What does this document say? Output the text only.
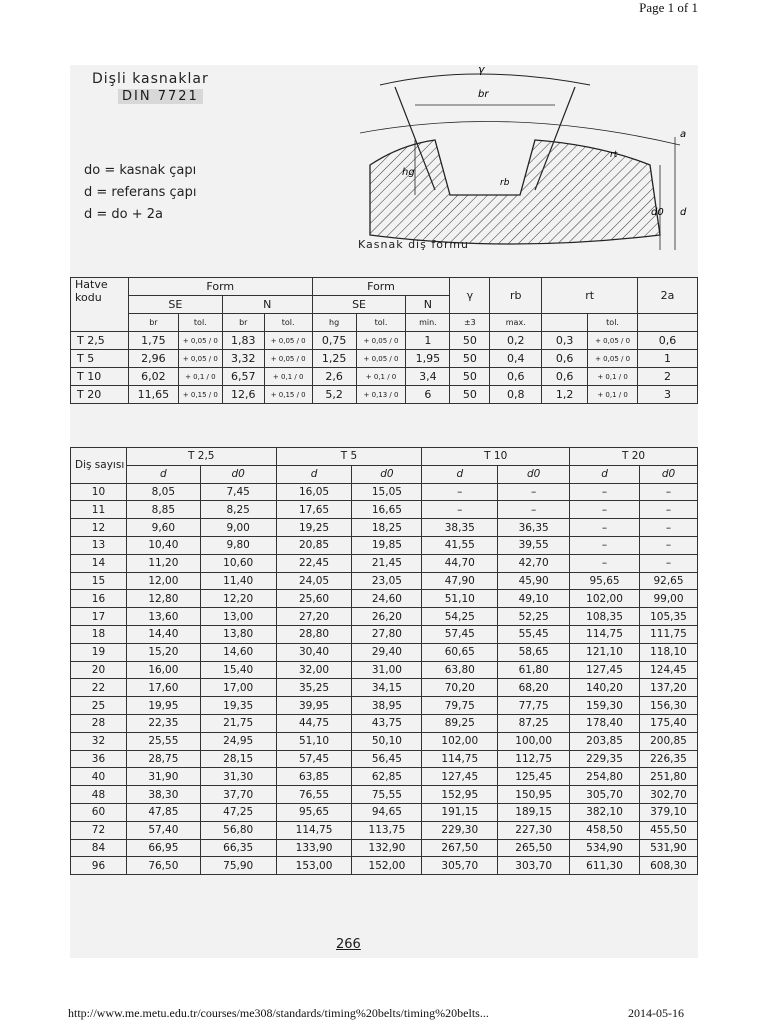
Page 1 of 1
Dişli kasnaklar
DIN 7721
do = kasnak çapı
d = referans çapı
d = do + 2a
γ
br
a
hg
rt
rb
d0 d
Kasnak diş formu
Hatve kodu	Form				Form			γ	rb	rt		2a
	SE		N		SE		N					
	br	tol.	br	tol.	hg	tol.	min.	±3	max.		tol.	
T 2,5	1,75	+ 0,05 / 0	1,83	+ 0,05 / 0	0,75	+ 0,05 / 0	1	50	0,2	0,3	+ 0,05 / 0	0,6
T 5	2,96	+ 0,05 / 0	3,32	+ 0,05 / 0	1,25	+ 0,05 / 0	1,95	50	0,4	0,6	+ 0,05 / 0	1
T 10	6,02	+ 0,1 / 0	6,57	+ 0,1 / 0	2,6	+ 0,1 / 0	3,4	50	0,6	0,6	+ 0,1 / 0	2
T 20	11,65	+ 0,15 / 0	12,6	+ 0,15 / 0	5,2	+ 0,13 / 0	6	50	0,8	1,2	+ 0,1 / 0	3
Diş sayısı	T 2,5		T 5		T 10		T 20	
	d	d0	d	d0	d	d0	d	d0
10	8,05	7,45	16,05	15,05	–	–	–	–
11	8,85	8,25	17,65	16,65	–	–	–	–
12	9,60	9,00	19,25	18,25	38,35	36,35	–	–
13	10,40	9,80	20,85	19,85	41,55	39,55	–	–
14	11,20	10,60	22,45	21,45	44,70	42,70	–	–
15	12,00	11,40	24,05	23,05	47,90	45,90	95,65	92,65
16	12,80	12,20	25,60	24,60	51,10	49,10	102,00	99,00
17	13,60	13,00	27,20	26,20	54,25	52,25	108,35	105,35
18	14,40	13,80	28,80	27,80	57,45	55,45	114,75	111,75
19	15,20	14,60	30,40	29,40	60,65	58,65	121,10	118,10
20	16,00	15,40	32,00	31,00	63,80	61,80	127,45	124,45
22	17,60	17,00	35,25	34,15	70,20	68,20	140,20	137,20
25	19,95	19,35	39,95	38,95	79,75	77,75	159,30	156,30
28	22,35	21,75	44,75	43,75	89,25	87,25	178,40	175,40
32	25,55	24,95	51,10	50,10	102,00	100,00	203,85	200,85
36	28,75	28,15	57,45	56,45	114,75	112,75	229,35	226,35
40	31,90	31,30	63,85	62,85	127,45	125,45	254,80	251,80
48	38,30	37,70	76,55	75,55	152,95	150,95	305,70	302,70
60	47,85	47,25	95,65	94,65	191,15	189,15	382,10	379,10
72	57,40	56,80	114,75	113,75	229,30	227,30	458,50	455,50
84	66,95	66,35	133,90	132,90	267,50	265,50	534,90	531,90
96	76,50	75,90	153,00	152,00	305,70	303,70	611,30	608,30
266
http://www.me.metu.edu.tr/courses/me308/standards/timing%20belts/timing%20belts...	2014-05-16
